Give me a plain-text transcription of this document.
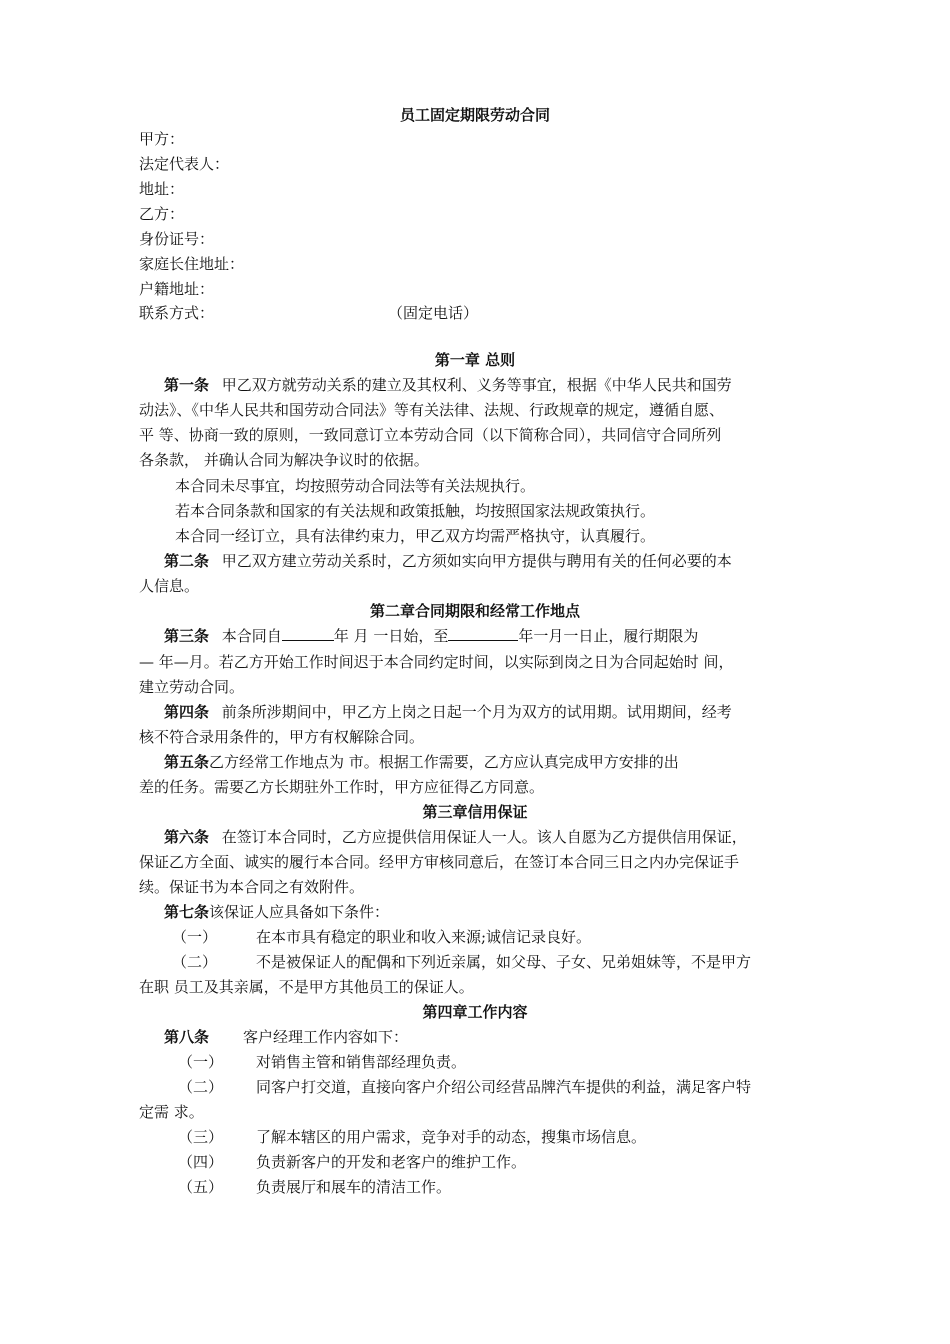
员工固定期限劳动合同
甲方：
法定代表人：
地址：
乙方：
身份证号：
家庭长住地址：
户籍地址：
联系方式：	（固定电话）
第一章 总则
第一条 甲乙双方就劳动关系的建立及其权利、义务等事宜，根据《中华人民共和国劳
动法》、《中华人民共和国劳动合同法》等有关法律、法规、行政规章的规定，遵循自愿、
平 等、协商一致的原则，一致同意订立本劳动合同（以下简称合同），共同信守合同所列
各条款， 并确认合同为解决争议时的依据。
本合同未尽事宜，均按照劳动合同法等有关法规执行。
若本合同条款和国家的有关法规和政策抵触，均按照国家法规政策执行。
本合同一经订立，具有法律约束力，甲乙双方均需严格执守，认真履行。
第二条 甲乙双方建立劳动关系时，乙方须如实向甲方提供与聘用有关的任何必要的本
人信息。
第二章合同期限和经常工作地点
第三条 本合同自	年 月 一日始，至	年一月一日止，履行期限为
— 年—月。若乙方开始工作时间迟于本合同约定时间，以实际到岗之日为合同起始时 间，
建立劳动合同。
第四条 前条所涉期间中，甲乙方上岗之日起一个月为双方的试用期。试用期间，经考
核不符合录用条件的，甲方有权解除合同。
第五条乙方经常工作地点为 市。根据工作需要，乙方应认真完成甲方安排的出
差的任务。需要乙方长期驻外工作时，甲方应征得乙方同意。
第三章信用保证
第六条 在签订本合同时，乙方应提供信用保证人一人。该人自愿为乙方提供信用保证，
保证乙方全面、诚实的履行本合同。经甲方审核同意后，在签订本合同三日之内办完保证手
续。保证书为本合同之有效附件。
第七条该保证人应具备如下条件：
（一）	在本市具有稳定的职业和收入来源;诚信记录良好。
（二）	不是被保证人的配偶和下列近亲属，如父母、子女、兄弟姐妹等，不是甲方
在职 员工及其亲属，不是甲方其他员工的保证人。
第四章工作内容
第八条 客户经理工作内容如下：
（一） 对销售主管和销售部经理负责。
（二） 同客户打交道，直接向客户介绍公司经营品牌汽车提供的利益，满足客户特
定需 求。
（三） 了解本辖区的用户需求，竞争对手的动态，搜集市场信息。
（四） 负责新客户的开发和老客户的维护工作。
（五） 负责展厅和展车的清洁工作。
